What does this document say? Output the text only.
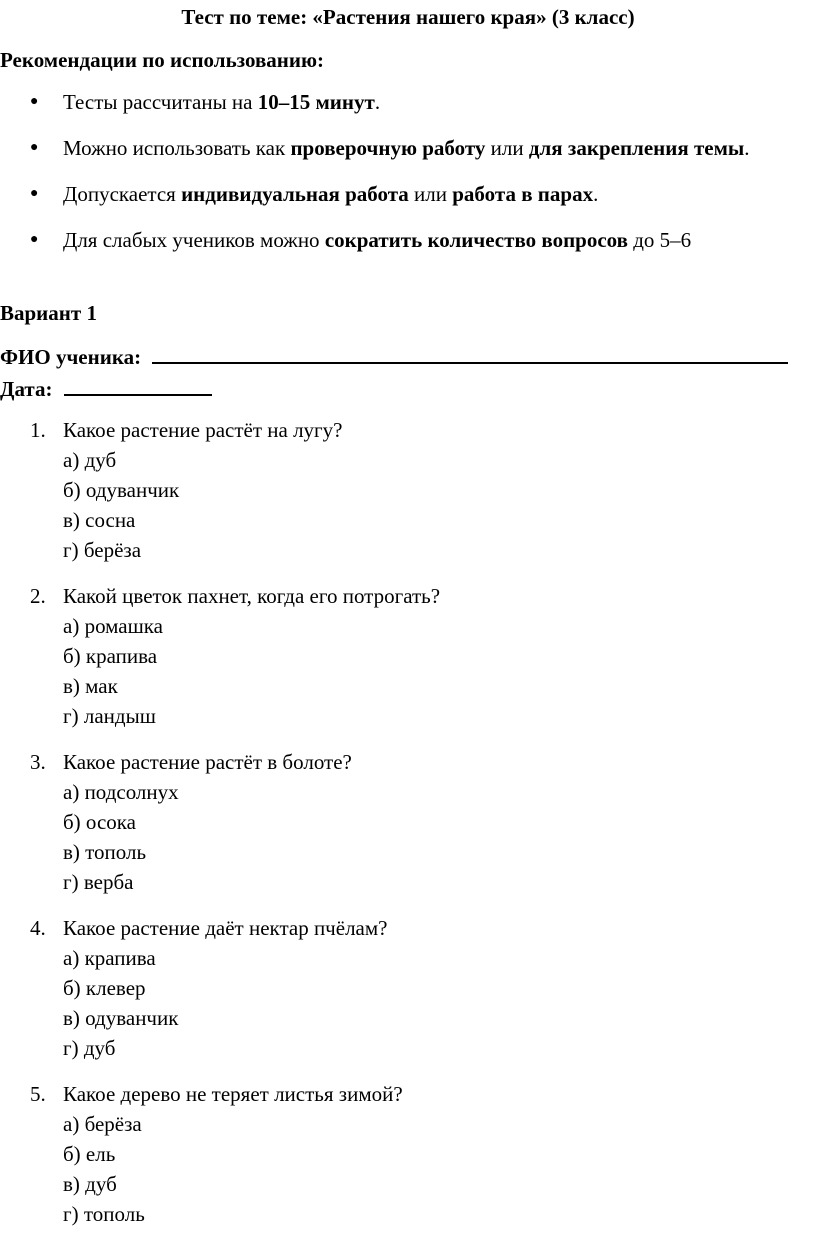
Тест по теме: «Растения нашего края» (3 класс)
Рекомендации по использованию:
● Тесты рассчитаны на 10–15 минут.
● Можно использовать как проверочную работу или для закрепления темы.
● Допускается индивидуальная работа или работа в парах.
● Для слабых учеников можно сократить количество вопросов до 5–6
Вариант 1
ФИО ученика:
Дата:
1. Какое растение растёт на лугу?
а) дуб
б) одуванчик
в) сосна
г) берёза
2. Какой цветок пахнет, когда его потрогать?
а) ромашка
б) крапива
в) мак
г) ландыш
3. Какое растение растёт в болоте?
а) подсолнух
б) осока
в) тополь
г) верба
4. Какое растение даёт нектар пчёлам?
а) крапива
б) клевер
в) одуванчик
г) дуб
5. Какое дерево не теряет листья зимой?
а) берёза
б) ель
в) дуб
г) тополь
